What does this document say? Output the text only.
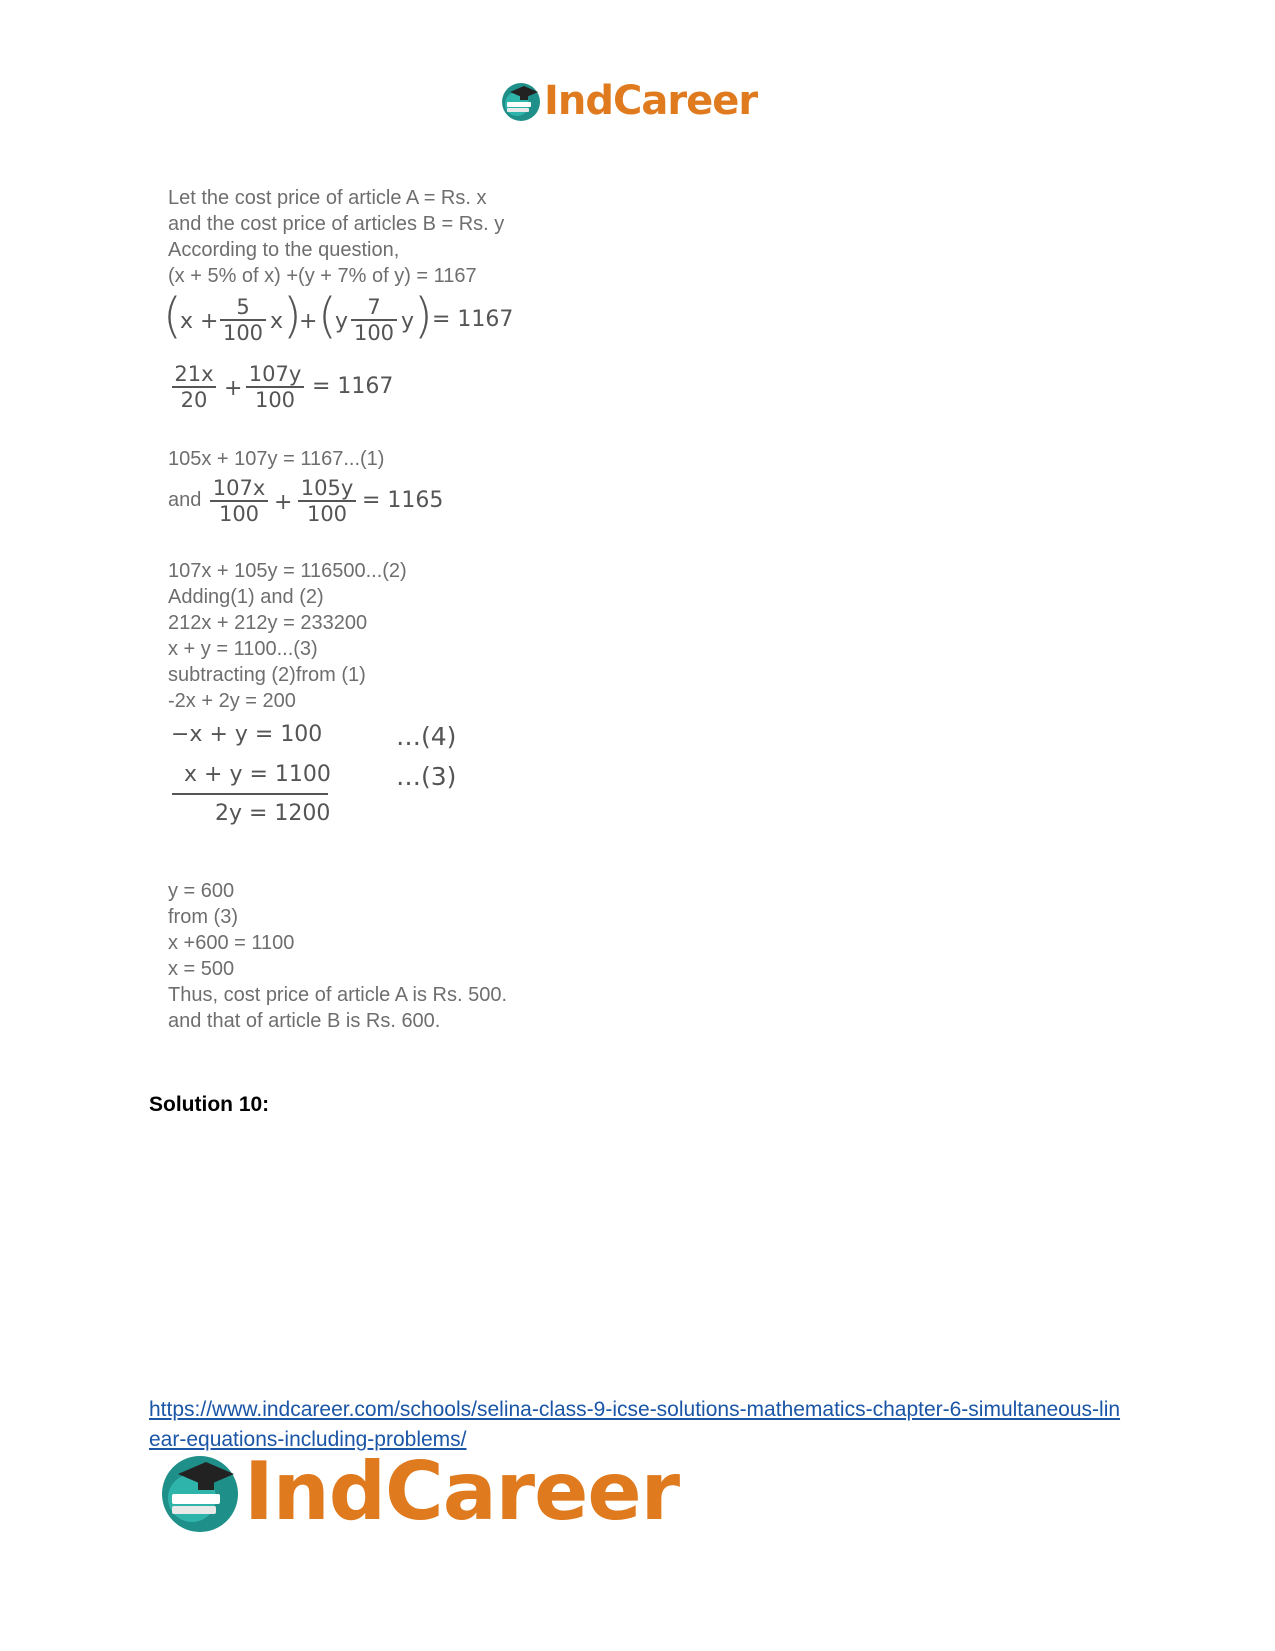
IndCareer
Let the cost price of article A = Rs. x
and the cost price of articles B = Rs. y
According to the question,
(x + 5% of x) +(y + 7% of y) = 1167
(
x +
5
100 x )
+ (
y
7
100 y ) = 1167
21x
20 +
107y
100
= 1167
105x + 107y = 1167...(1)
and 107x
100 +
105y
100
= 1165
107x + 105y = 116500...(2)
Adding(1) and (2)
212x + 212y = 233200
x + y = 1100...(3)
subtracting (2)from (1)
-2x + 2y = 200
−x + y = 100	…(4)
x + y = 1100	…(3)
2y = 1200
y = 600
from (3)
x +600 = 1100
x = 500
Thus, cost price of article A is Rs. 500.
and that of article B is Rs. 600.
Solution 10:
https://www.indcareer.com/schools/selina-class-9-icse-solutions-mathematics-chapter-6-simultaneous-linear-equations-including-problems/
IndCareer
